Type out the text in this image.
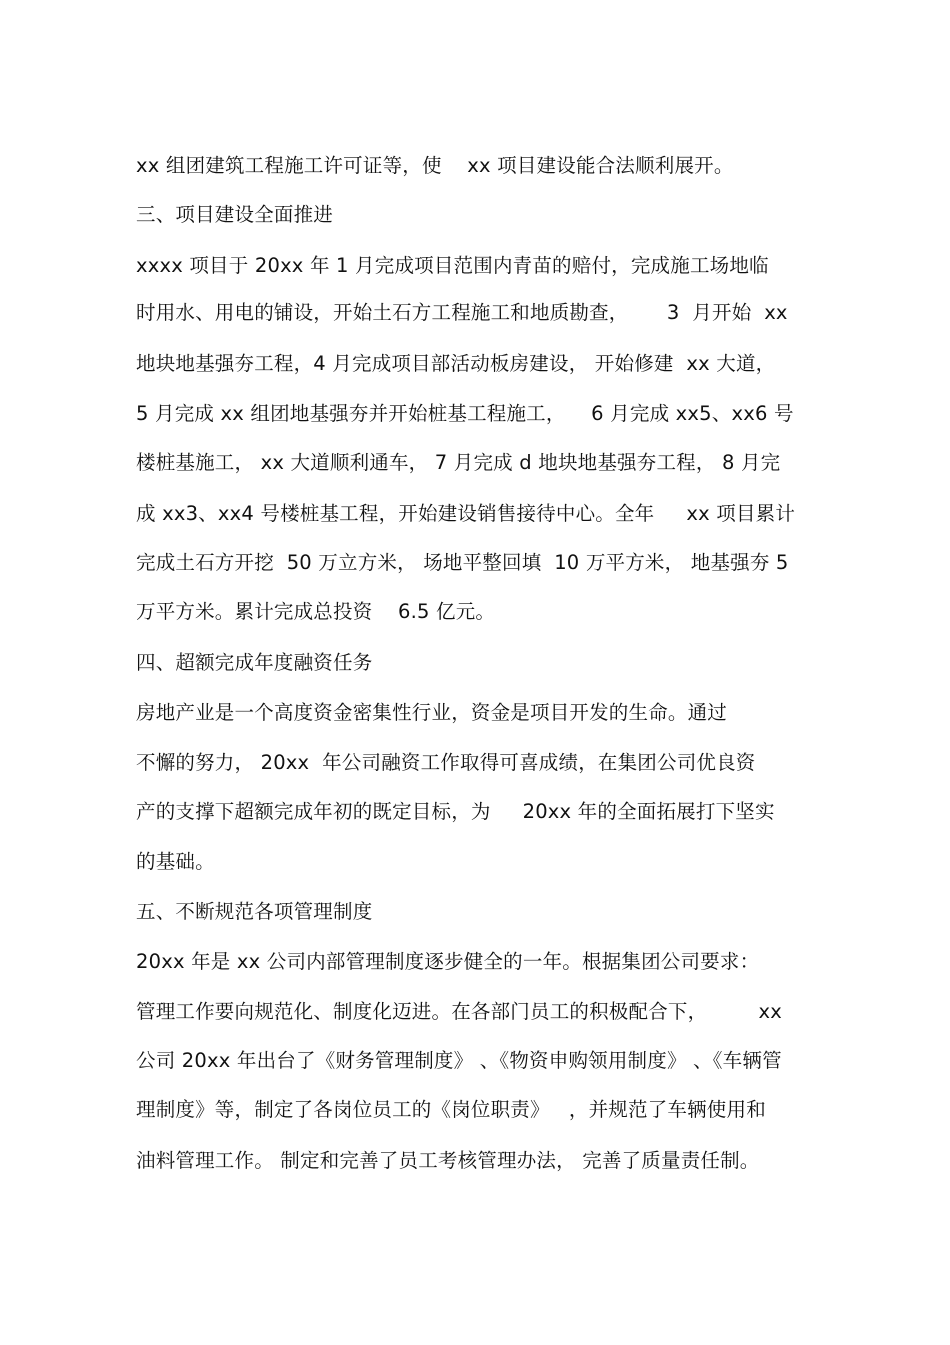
xx 组团建筑工程施工许可证等，使    xx 项目建设能合法顺利展开。
三、项目建设全面推进
xxxx 项目于 20xx 年 1 月完成项目范围内青苗的赔付，完成施工场地临
时用水、用电的铺设，开始土石方工程施工和地质勘查，      3  月开始  xx
地块地基强夯工程，4 月完成项目部活动板房建设， 开始修建  xx 大道，
5 月完成 xx 组团地基强夯并开始桩基工程施工，    6 月完成 xx5、xx6 号
楼桩基施工， xx 大道顺利通车， 7 月完成 d 地块地基强夯工程， 8 月完
成 xx3、xx4 号楼桩基工程，开始建设销售接待中心。全年     xx 项目累计
完成土石方开挖  50 万立方米， 场地平整回填  10 万平方米， 地基强夯 5
万平方米。累计完成总投资    6.5 亿元。
四、超额完成年度融资任务
房地产业是一个高度资金密集性行业，资金是项目开发的生命。通过
不懈的努力， 20xx  年公司融资工作取得可喜成绩，在集团公司优良资
产的支撑下超额完成年初的既定目标，为     20xx 年的全面拓展打下坚实
的基础。
五、不断规范各项管理制度
20xx 年是 xx 公司内部管理制度逐步健全的一年。根据集团公司要求：
管理工作要向规范化、制度化迈进。在各部门员工的积极配合下，        xx
公司 20xx 年出台了《财务管理制度》 、《物资申购领用制度》 、《车辆管
理制度》等，制定了各岗位员工的《岗位职责》   ，并规范了车辆使用和
油料管理工作。 制定和完善了员工考核管理办法， 完善了质量责任制。
